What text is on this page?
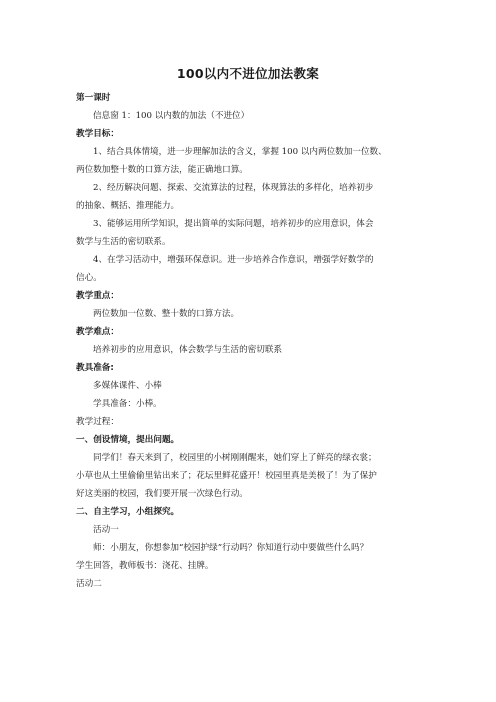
100以内不进位加法教案
第一课时
信息窗 1：100 以内数的加法（不进位）
教学目标：
1、结合具体情境，进一步理解加法的含义，掌握 100 以内两位数加一位数、
两位数加整十数的口算方法，能正确地口算。
2、经历解决问题、探索、交流算法的过程，体现算法的多样化，培养初步
的抽象、概括、推理能力。
3、能够运用所学知识，提出简单的实际问题，培养初步的应用意识，体会
数学与生活的密切联系。
4、在学习活动中，增强环保意识。进一步培养合作意识，增强学好数学的
信心。
教学重点：
两位数加一位数、整十数的口算方法。
教学难点：
培养初步的应用意识，体会数学与生活的密切联系
教具准备:
多媒体课件、小棒
学具准备：小棒。
教学过程：
一、创设情境，提出问题。
同学们！春天来到了，校园里的小树刚刚醒来，她们穿上了鲜亮的绿衣裳；
小草也从土里偷偷里钻出来了；花坛里鲜花盛开！校园里真是美极了！为了保护
好这美丽的校园，我们要开展一次绿色行动。
二、自主学习，小组探究。
活动一
师：小朋友，你想参加“校园护绿”行动吗？你知道行动中要做些什么吗？
学生回答，教师板书：浇花、挂牌。
活动二
